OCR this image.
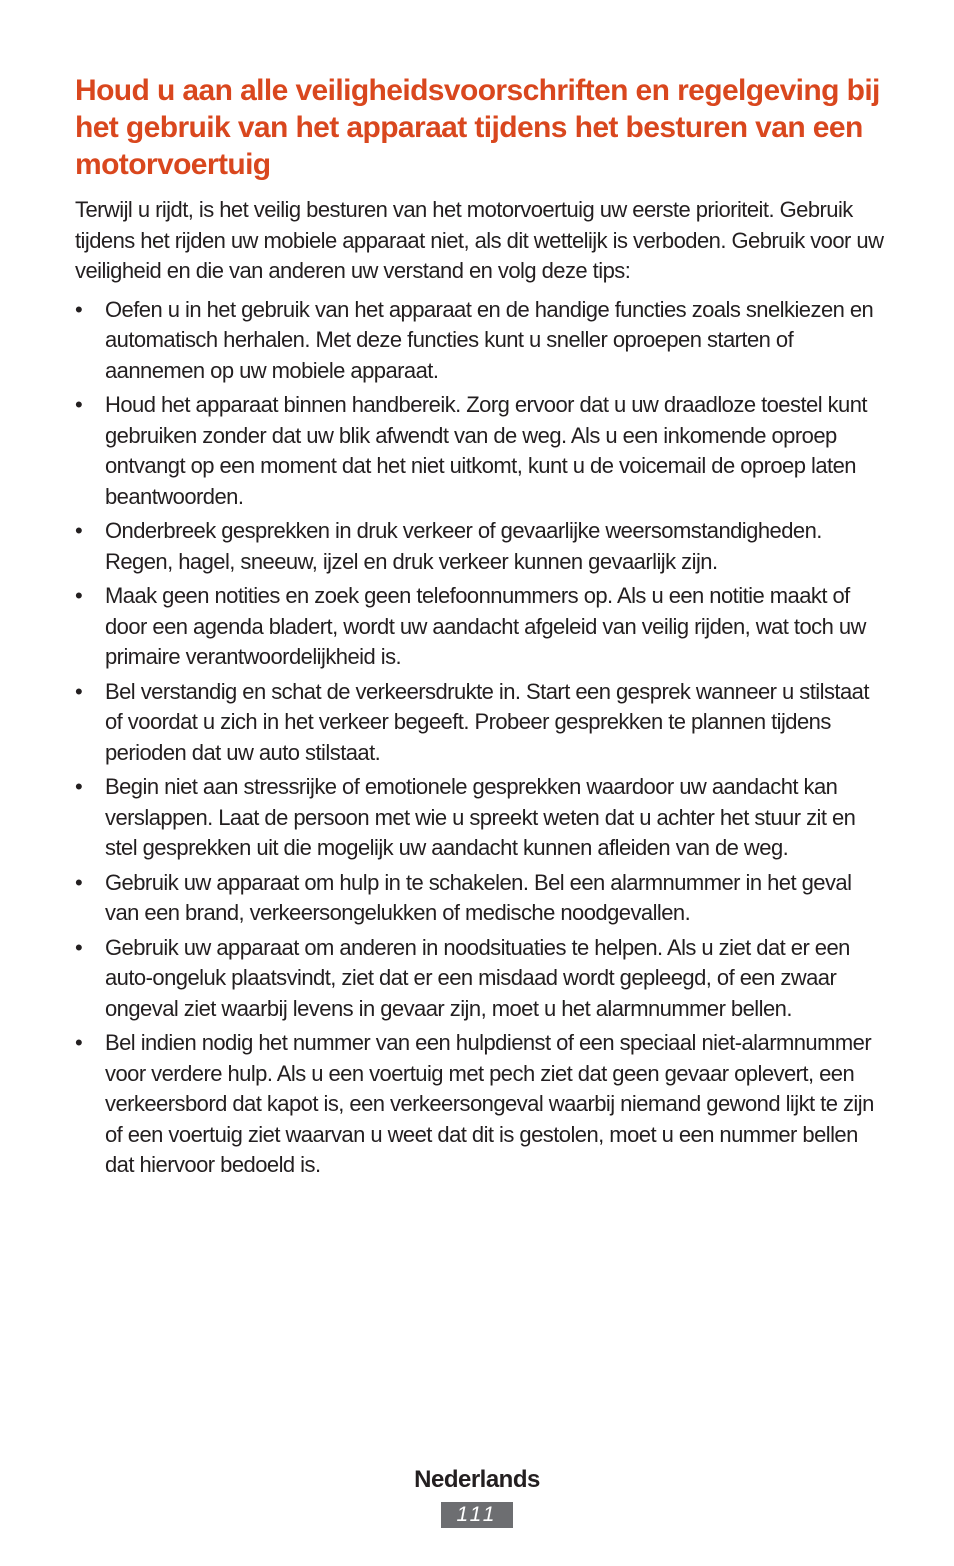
Houd u aan alle veiligheidsvoorschriften en regelgeving bij het gebruik van het apparaat tijdens het besturen van een motorvoertuig

Terwijl u rijdt, is het veilig besturen van het motorvoertuig uw eerste prioriteit. Gebruik tijdens het rijden uw mobiele apparaat niet, als dit wettelijk is verboden. Gebruik voor uw veiligheid en die van anderen uw verstand en volg deze tips:

•	Oefen u in het gebruik van het apparaat en de handige functies zoals snelkiezen en automatisch herhalen. Met deze functies kunt u sneller oproepen starten of aannemen op uw mobiele apparaat.
•	Houd het apparaat binnen handbereik. Zorg ervoor dat u uw draadloze toestel kunt gebruiken zonder dat uw blik afwendt van de weg. Als u een inkomende oproep ontvangt op een moment dat het niet uitkomt, kunt u de voicemail de oproep laten beantwoorden.
•	Onderbreek gesprekken in druk verkeer of gevaarlijke weersomstandigheden. Regen, hagel, sneeuw, ijzel en druk verkeer kunnen gevaarlijk zijn.
•	Maak geen notities en zoek geen telefoonnummers op. Als u een notitie maakt of door een agenda bladert, wordt uw aandacht afgeleid van veilig rijden, wat toch uw primaire verantwoordelijkheid is.
•	Bel verstandig en schat de verkeersdrukte in. Start een gesprek wanneer u stilstaat of voordat u zich in het verkeer begeeft. Probeer gesprekken te plannen tijdens perioden dat uw auto stilstaat.
•	Begin niet aan stressrijke of emotionele gesprekken waardoor uw aandacht kan verslappen. Laat de persoon met wie u spreekt weten dat u achter het stuur zit en stel gesprekken uit die mogelijk uw aandacht kunnen afleiden van de weg.
•	Gebruik uw apparaat om hulp in te schakelen. Bel een alarmnummer in het geval van een brand, verkeersongelukken of medische noodgevallen.
•	Gebruik uw apparaat om anderen in noodsituaties te helpen. Als u ziet dat er een auto-ongeluk plaatsvindt, ziet dat er een misdaad wordt gepleegd, of een zwaar ongeval ziet waarbij levens in gevaar zijn, moet u het alarmnummer bellen.
•	Bel indien nodig het nummer van een hulpdienst of een speciaal niet-alarmnummer voor verdere hulp. Als u een voertuig met pech ziet dat geen gevaar oplevert, een verkeersbord dat kapot is, een verkeersongeval waarbij niemand gewond lijkt te zijn of een voertuig ziet waarvan u weet dat dit is gestolen, moet u een nummer bellen dat hiervoor bedoeld is.
Nederlands
111
